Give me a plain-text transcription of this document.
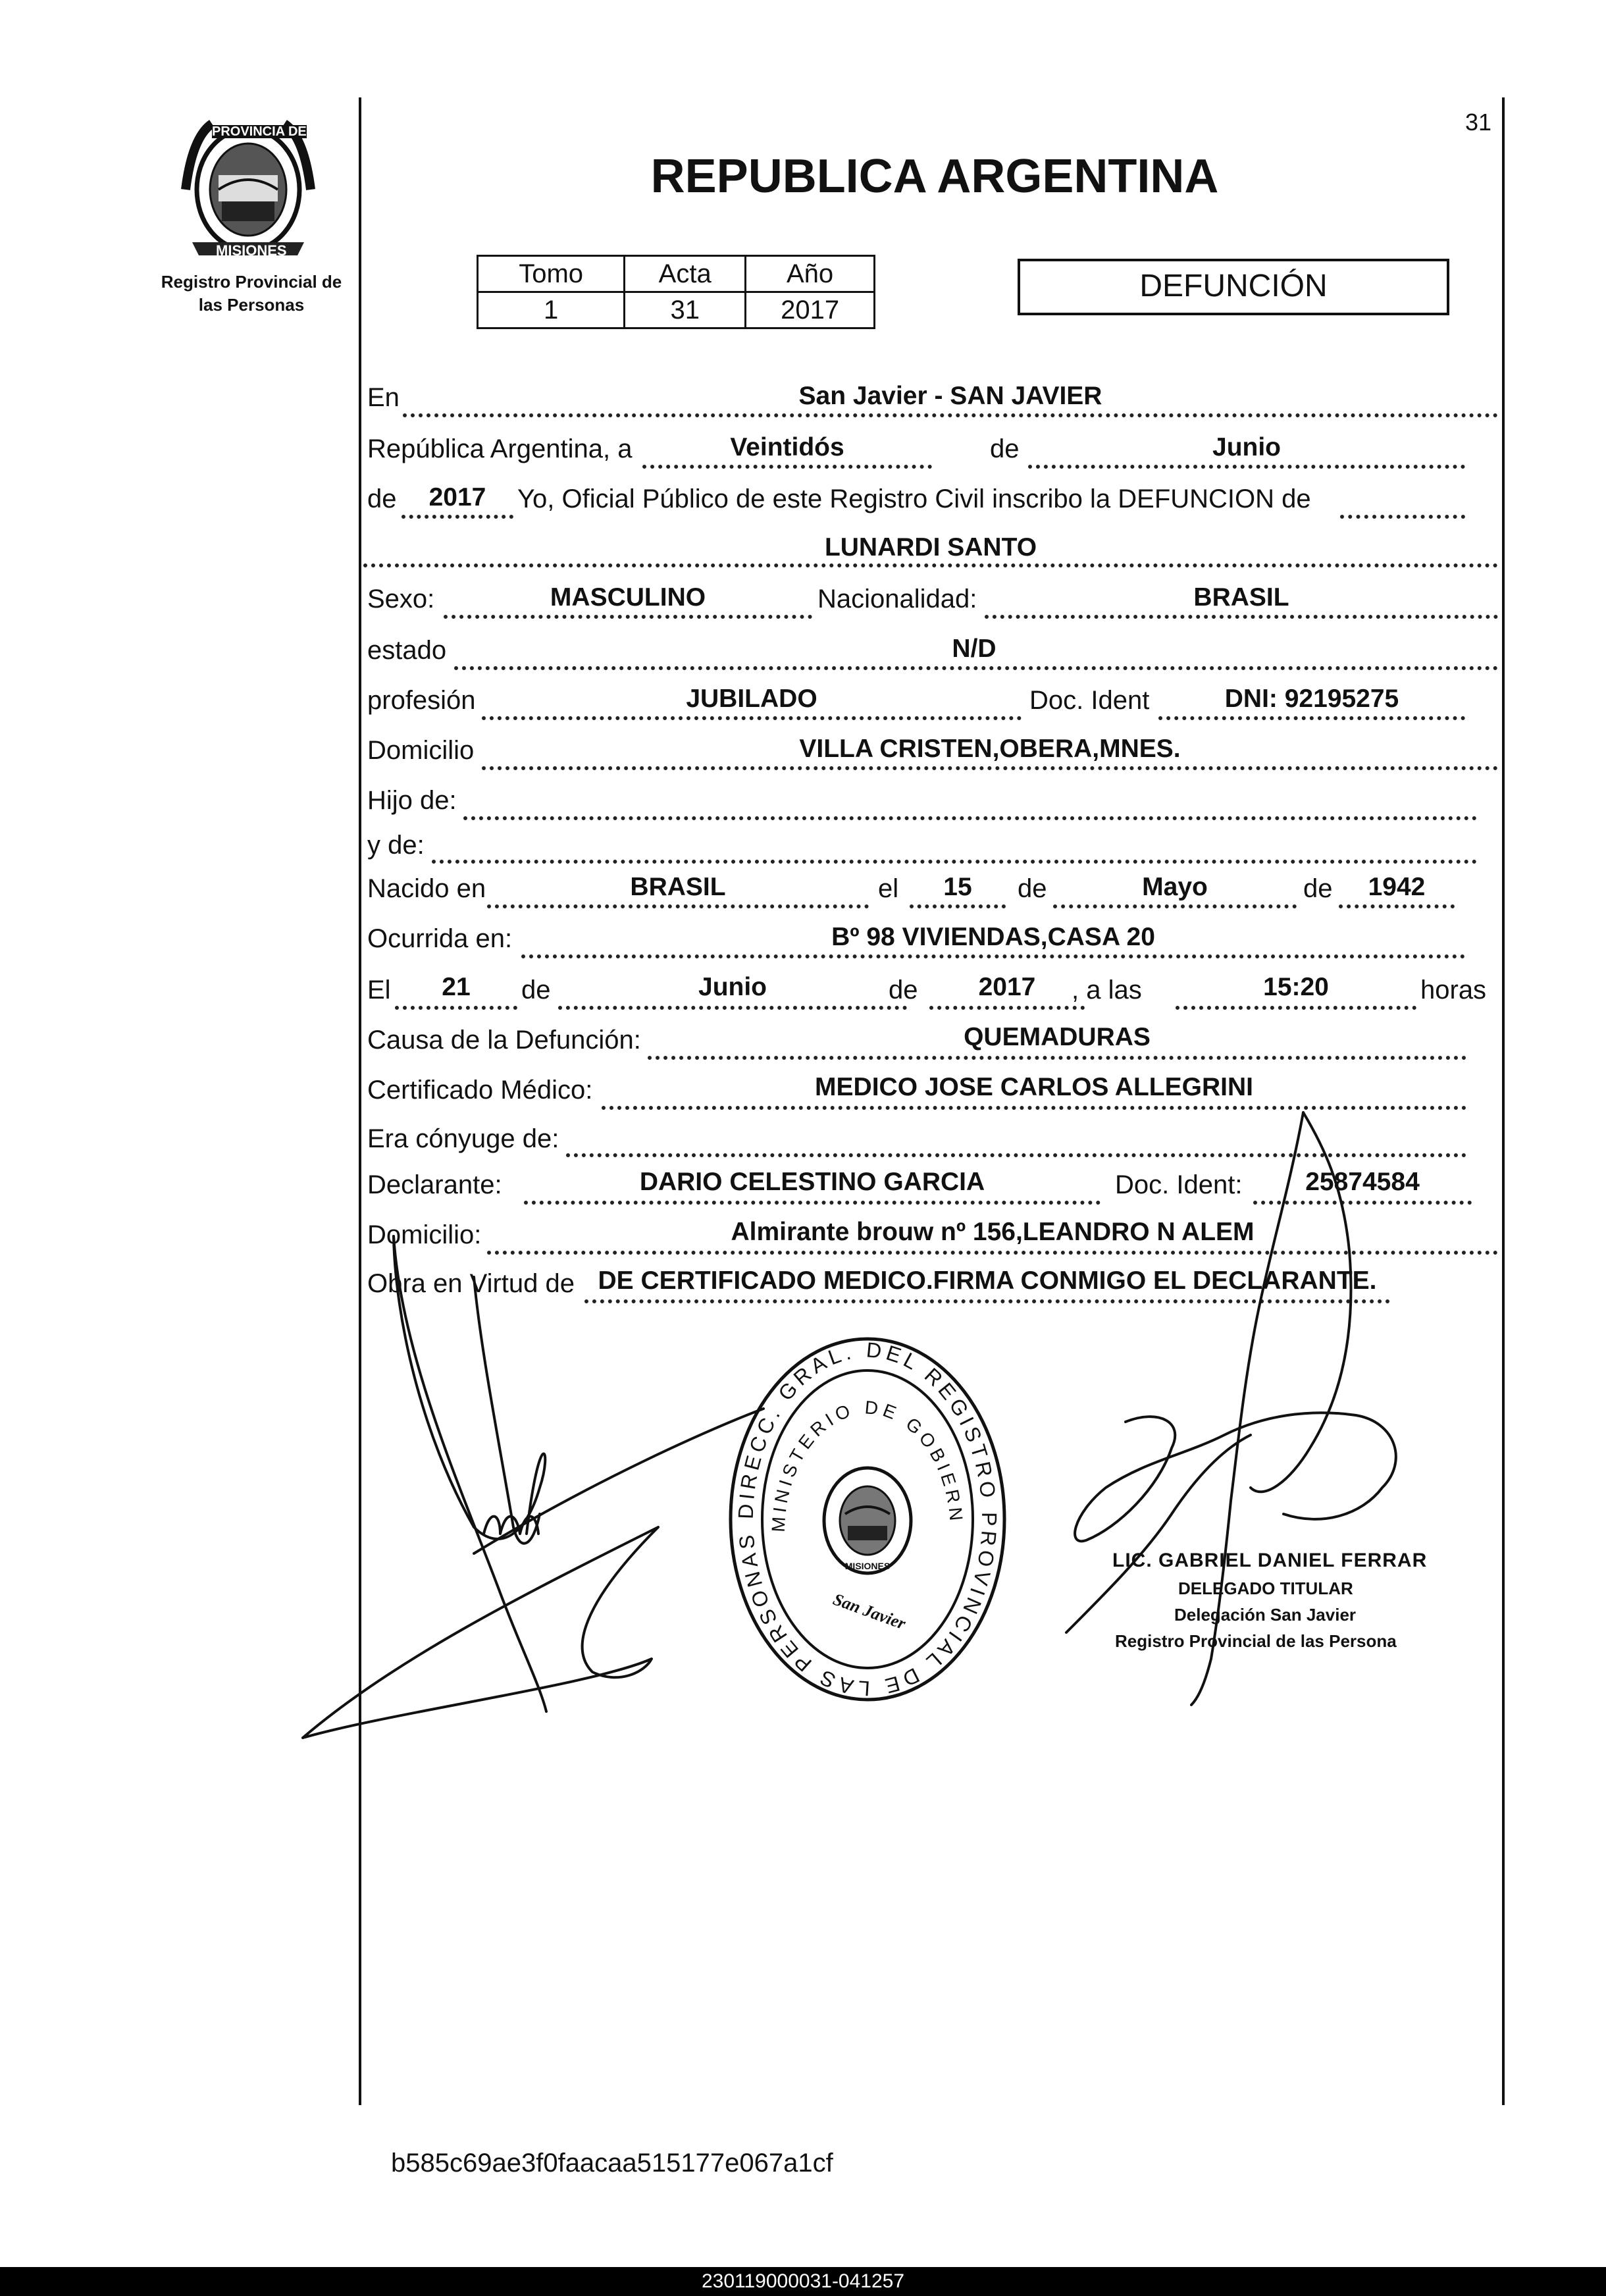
31
PROVINCIA DE
MISIONES
Registro Provincial de
las Personas
REPUBLICA ARGENTINA
Tomo	Acta	Año
1	31	2017
DEFUNCIÓN
En	San Javier - SAN JAVIER
República Argentina, a	Veintidós	de	Junio
de	2017	Yo, Oficial Público de este Registro Civil inscribo la DEFUNCION de
LUNARDI SANTO
Sexo:	MASCULINO	Nacionalidad:	BRASIL
estado	N/D
profesión	JUBILADO	Doc. Ident	DNI: 92195275
Domicilio	VILLA CRISTEN,OBERA,MNES.
Hijo de:
y de:
Nacido en	BRASIL	el	15	de	Mayo	de	1942
Ocurrida en:	Bº 98 VIVIENDAS,CASA 20
El	21	de	Junio	de	2017	, a las	15:20	horas
Causa de la Defunción:	QUEMADURAS
Certificado Médico:	MEDICO JOSE CARLOS ALLEGRINI
Era cónyuge de:
Declarante:	DARIO CELESTINO GARCIA	Doc. Ident:	25874584
Domicilio:	Almirante brouw nº 156,LEANDRO N ALEM
Obra en Virtud de DE CERTIFICADO MEDICO.FIRMA CONMIGO EL DECLARANTE.
DIRECC. GRAL. DEL REGISTRO PROVINCIAL DE LAS PERSONAS
MINISTERIO DE GOBIERN
MISIONES
San Javier
LIC. GABRIEL DANIEL FERRAR
DELEGADO TITULAR
Delegación San Javier
Registro Provincial de las Persona
b585c69ae3f0faacaa515177e067a1cf
230119000031-041257
